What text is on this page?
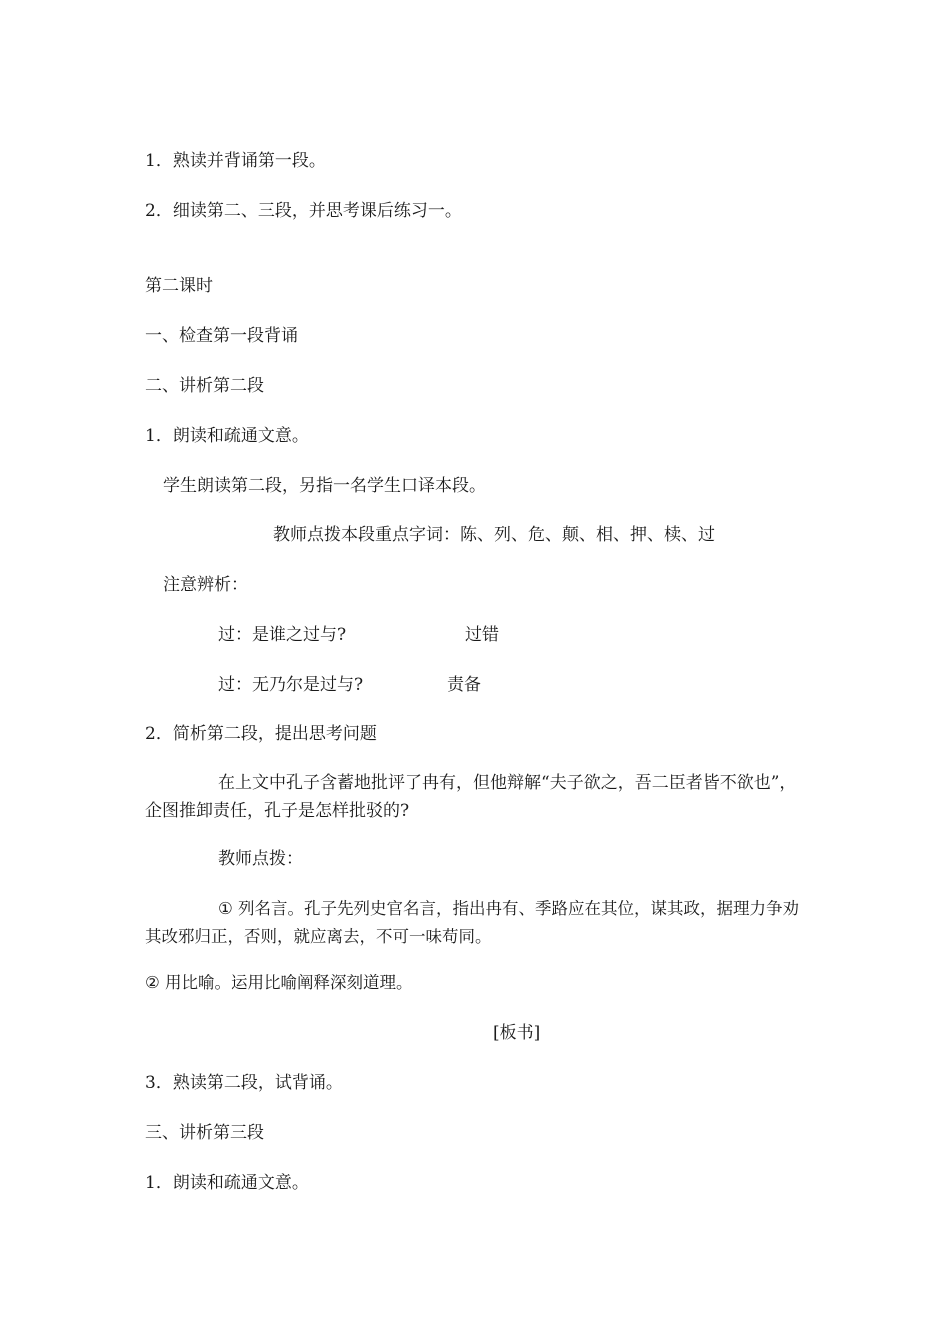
1．熟读并背诵第一段。
2．细读第二、三段，并思考课后练习一。
第二课时
一、检查第一段背诵
二、讲析第二段
1．朗读和疏通文意。
学生朗读第二段，另指一名学生口译本段。
教师点拨本段重点字词：陈、列、危、颠、相、押、椟、过
注意辨析：
过：是谁之过与?	过错
过：无乃尔是过与?	责备
2．简析第二段，提出思考问题
在上文中孔子含蓄地批评了冉有，但他辩解“夫子欲之，吾二臣者皆不欲也”，企图推卸责任，孔子是怎样批驳的?
教师点拨：
① 列名言。孔子先列史官名言，指出冉有、季路应在其位，谋其政，据理力争劝其改邪归正，否则，就应离去，不可一味苟同。
② 用比喻。运用比喻阐释深刻道理。
[板书]
3．熟读第二段，试背诵。
三、讲析第三段
1．朗读和疏通文意。
